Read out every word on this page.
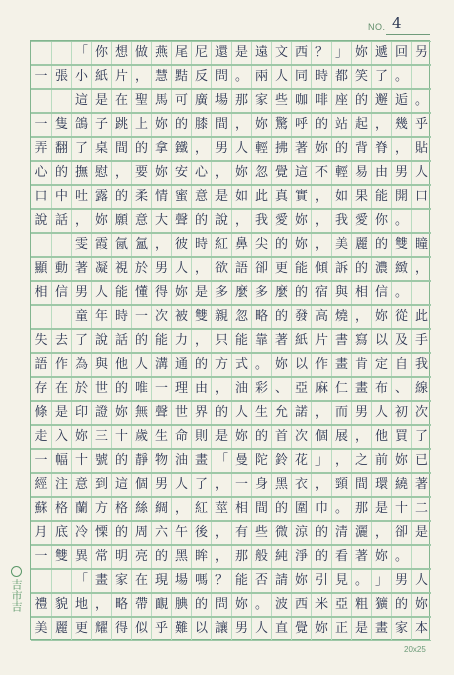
NO. 4

「 你 想 做 燕 尾 尼 還 是 遠 文 西 ？ 」 妳 遞 回 另
一 張 小 紙 片 ， 慧 黠 反 問 。 兩 人 同 時 都 笑 了 。

這 是 在 聖 馬 可 廣 場 那 家 些 咖 啡 座 的 邂 逅 。
一 隻 鴿 子 跳 上 妳 的 膝 間 ， 妳 驚 呼 的 站 起 ， 幾 乎
弄 翻 了 桌 間 的 拿 鐵 ， 男 人 輕 拂 著 妳 的 背 脊 ， 貼
心 的 撫 慰 ， 要 妳 安 心 ， 妳 忽 覺 這 不 輕 易 由 男 人
口 中 吐 露 的 柔 情 蜜 意 是 如 此 真 實 ， 如 果 能 開 口
說 話 ， 妳 願 意 大 聲 的 說 ， 我 愛 妳 ， 我 愛 你 。

雯 霞 氤 氳 ， 彼 時 紅 鼻 尖 的 妳 ， 美 麗 的 雙 瞳
顯 動 著 凝 視 於 男 人 ， 欲 語 卻 更 能 傾 訴 的 濃 緻 ，
相 信 男 人 能 懂 得 妳 是 多 麼 多 麼 的 宿 與 相 信 。

童 年 時 一 次 被 雙 親 忽 略 的 發 高 燒 ， 妳 從 此
失 去 了 說 話 的 能 力 ， 只 能 靠 著 紙 片 書 寫 以 及 手
語 作 為 與 他 人 溝 通 的 方 式 。 妳 以 作 畫 肯 定 自 我
存 在 於 世 的 唯 一 理 由 ， 油 彩 、 亞 麻 仁 畫 布 、 線
條 是 印 證 妳 無 聲 世 界 的 人 生 允 諾 ， 而 男 人 初 次
走 入 妳 三 十 歲 生 命 則 是 妳 的 首 次 個 展 ， 他 買 了
一 幅 十 號 的 靜 物 油 畫 「 曼 陀 鈴 花 」 ， 之 前 妳 已
經 注 意 到 這 個 男 人 了 ， 一 身 黑 衣 ， 頸 間 環 繞 著
蘇 格 蘭 方 格 絲 綢 ， 紅 莖 相 間 的 圍 巾 。 那 是 十 二
月 底 冷 慄 的 周 六 午 後 ， 有 些 微 涼 的 清 灑 ， 卻 是
一 雙 異 常 明 亮 的 黑 眸 ， 那 般 純 淨 的 看 著 妳 。

「 畫 家 在 現 場 嗎 ？ 能 否 請 妳 引 見 。 」 男 人
禮 貌 地 ， 略 帶 靦 腆 的 問 妳 。 波 西 米 亞 粗 獷 的 妳
美 麗 更 耀 得 似 乎 難 以 讓 男 人 直 覺 妳 正 是 畫 家 本
吉市吉
20x25
